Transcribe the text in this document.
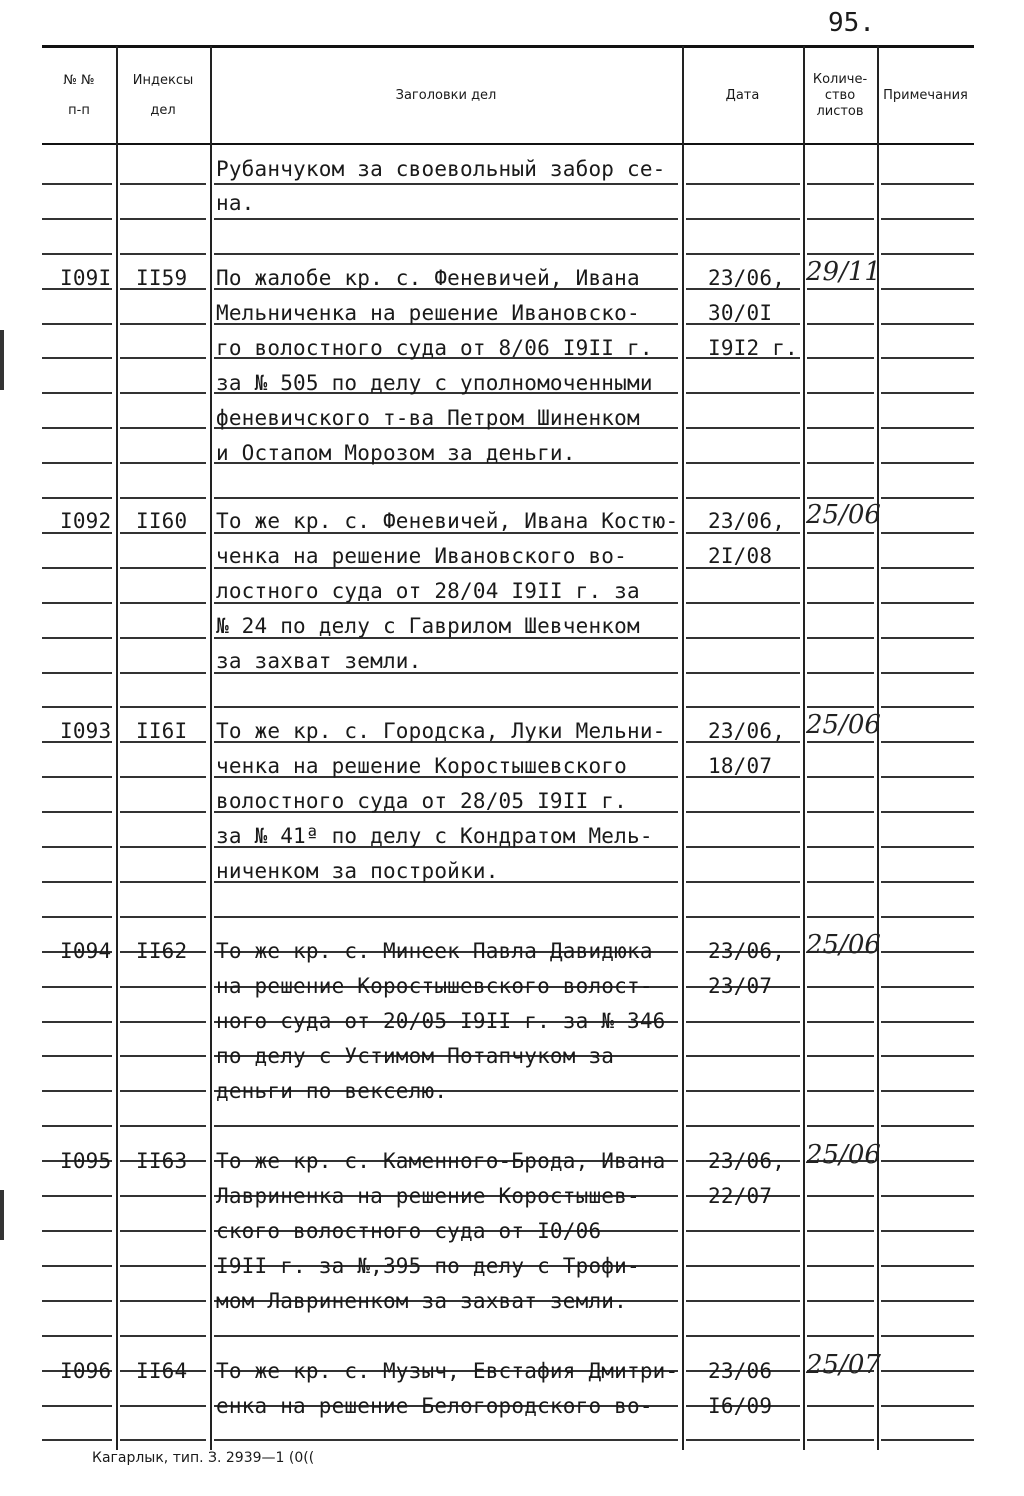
95.
№ №
п-п
Индексы
дел
Заголовки дел	Дата
Количе-
ство
листов
Примечания
Рубанчуком за своевольный забор се-
на.
I09I II59 По жалобе кр. с. Феневичей, Ивана
Мельниченка на решение Ивановско-
го волостного суда от 8/06 I9II г.
за № 505 по делу с уполномоченными
феневичского т-ва Петром Шиненком
и Остапом Морозом за деньги.
23/06,
30/0I
I9I2 г.
29/11
I092 II60 То же кр. с. Феневичей, Ивана Костю-
ченка на решение Ивановского во-
лостного суда от 28/04 I9II г. за
№ 24 по делу с Гаврилом Шевченком
за захват земли.
23/06,
2I/08
25/06
I093 II6I То же кр. с. Городска, Луки Мельни-
ченка на решение Коростышевского
волостного суда от 28/05 I9II г.
за № 41ª по делу с Кондратом Мель-
ниченком за постройки.
23/06,
18/07
25/06
I094 II62 То же кр. с. Минеек Павла Давидюка
на решение Коростышевского волост-
ного суда от 20/05 I9II г. за № 346
по делу с Устимом Потапчуком за
деньги по векселю.
23/06,
23/07
25/06
I095 II63 То же кр. с. Каменного-Брода, Ивана
Лавриненка на решение Коростышев-
ского волостного суда от I0/06
I9II г. за №,395 по делу с Трофи-
мом Лавриненком за захват земли.
23/06,
22/07
25/06
I096 II64 То же кр. с. Музыч, Евстафия Дмитри-
енка на решение Белогородского во-
23/06
I6/09
25/07
Кагарлык, тип. З. 2939—1 (0((
